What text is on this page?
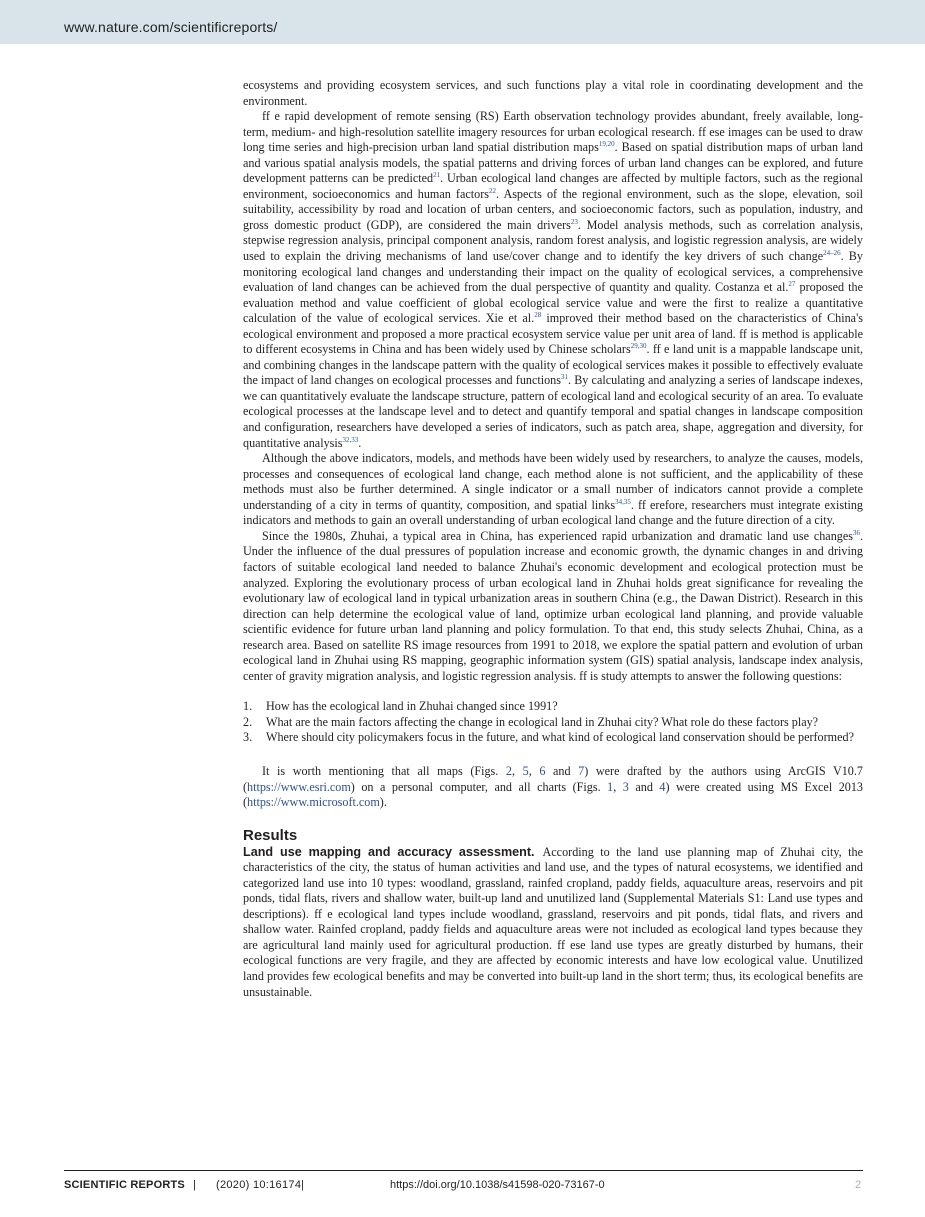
www.nature.com/scientificreports/

ecosystems and providing ecosystem services, and such functions play a vital role in coordinating development and the environment.

ff e rapid development of remote sensing (RS) Earth observation technology provides abundant, freely available, long-term, medium- and high-resolution satellite imagery resources for urban ecological research. ff ese images can be used to draw long time series and high-precision urban land spatial distribution maps$^{19,20}$. Based on spatial distribution maps of urban land and various spatial analysis models, the spatial patterns and driving forces of urban land changes can be explored, and future development patterns can be predicted$^{21}$. Urban ecological land changes are affected by multiple factors, such as the regional environment, socioeconomics and human factors$^{22}$. Aspects of the regional environment, such as the slope, elevation, soil suitability, accessibility by road and location of urban centers, and socioeconomic factors, such as population, industry, and gross domestic product (GDP), are considered the main drivers$^{23}$. Model analysis methods, such as correlation analysis, stepwise regression analysis, principal component analysis, random forest analysis, and logistic regression analysis, are widely used to explain the driving mechanisms of land use/cover change and to identify the key drivers of such change$^{24-26}$. By monitoring ecological land changes and understanding their impact on the quality of ecological services, a comprehensive evaluation of land changes can be achieved from the dual perspective of quantity and quality. Costanza et al.$^{27}$ proposed the evaluation method and value coefficient of global ecological service value and were the first to realize a quantitative calculation of the value of ecological services. Xie et al.$^{28}$ improved their method based on the characteristics of China's ecological environment and proposed a more practical ecosystem service value per unit area of land. ff is method is applicable to different ecosystems in China and has been widely used by Chinese scholars$^{29,30}$. ff e land unit is a mappable landscape unit, and combining changes in the landscape pattern with the quality of ecological services makes it possible to effectively evaluate the impact of land changes on ecological processes and functions$^{31}$. By calculating and analyzing a series of landscape indexes, we can quantitatively evaluate the landscape structure, pattern of ecological land and ecological security of an area. To evaluate ecological processes at the landscape level and to detect and quantify temporal and spatial changes in landscape composition and configuration, researchers have developed a series of indicators, such as patch area, shape, aggregation and diversity, for quantitative analysis$^{32,33}$.

Although the above indicators, models, and methods have been widely used by researchers, to analyze the causes, models, processes and consequences of ecological land change, each method alone is not sufficient, and the applicability of these methods must also be further determined. A single indicator or a small number of indicators cannot provide a complete understanding of a city in terms of quantity, composition, and spatial links$^{34,35}$. ff erefore, researchers must integrate existing indicators and methods to gain an overall understanding of urban ecological land change and the future direction of a city.

Since the 1980s, Zhuhai, a typical area in China, has experienced rapid urbanization and dramatic land use changes$^{36}$. Under the influence of the dual pressures of population increase and economic growth, the dynamic changes in and driving factors of suitable ecological land needed to balance Zhuhai's economic development and ecological protection must be analyzed. Exploring the evolutionary process of urban ecological land in Zhuhai holds great significance for revealing the evolutionary law of ecological land in typical urbanization areas in southern China (e.g., the Dawan District). Research in this direction can help determine the ecological value of land, optimize urban ecological land planning, and provide valuable scientific evidence for future urban land planning and policy formulation. To that end, this study selects Zhuhai, China, as a research area. Based on satellite RS image resources from 1991 to 2018, we explore the spatial pattern and evolution of urban ecological land in Zhuhai using RS mapping, geographic information system (GIS) spatial analysis, landscape index analysis, center of gravity migration analysis, and logistic regression analysis. ff is study attempts to answer the following questions:

1. How has the ecological land in Zhuhai changed since 1991?
2. What are the main factors affecting the change in ecological land in Zhuhai city? What role do these factors play?
3. Where should city policymakers focus in the future, and what kind of ecological land conservation should be performed?

It is worth mentioning that all maps (Figs. 2, 5, 6 and 7) were drafted by the authors using ArcGIS V10.7 (https://www.esri.com) on a personal computer, and all charts (Figs. 1, 3 and 4) were created using MS Excel 2013 (https://www.microsoft.com).

Results

Land use mapping and accuracy assessment. According to the land use planning map of Zhuhai city, the characteristics of the city, the status of human activities and land use, and the types of natural ecosystems, we identified and categorized land use into 10 types: woodland, grassland, rainfed cropland, paddy fields, aquaculture areas, reservoirs and pit ponds, tidal flats, rivers and shallow water, built-up land and unutilized land (Supplemental Materials S1: Land use types and descriptions). ff e ecological land types include woodland, grassland, reservoirs and pit ponds, tidal flats, and rivers and shallow water. Rainfed cropland, paddy fields and aquaculture areas were not included as ecological land types because they are agricultural land mainly used for agricultural production. ff ese land use types are greatly disturbed by humans, their ecological functions are very fragile, and they are affected by economic interests and have low ecological value. Unutilized land provides few ecological benefits and may be converted into built-up land in the short term; thus, its ecological benefits are unsustainable.

SCIENTIFIC REPORTS | (2020) 10:16174 |	https://doi.org/10.1038/s41598-020-73167-0	2
